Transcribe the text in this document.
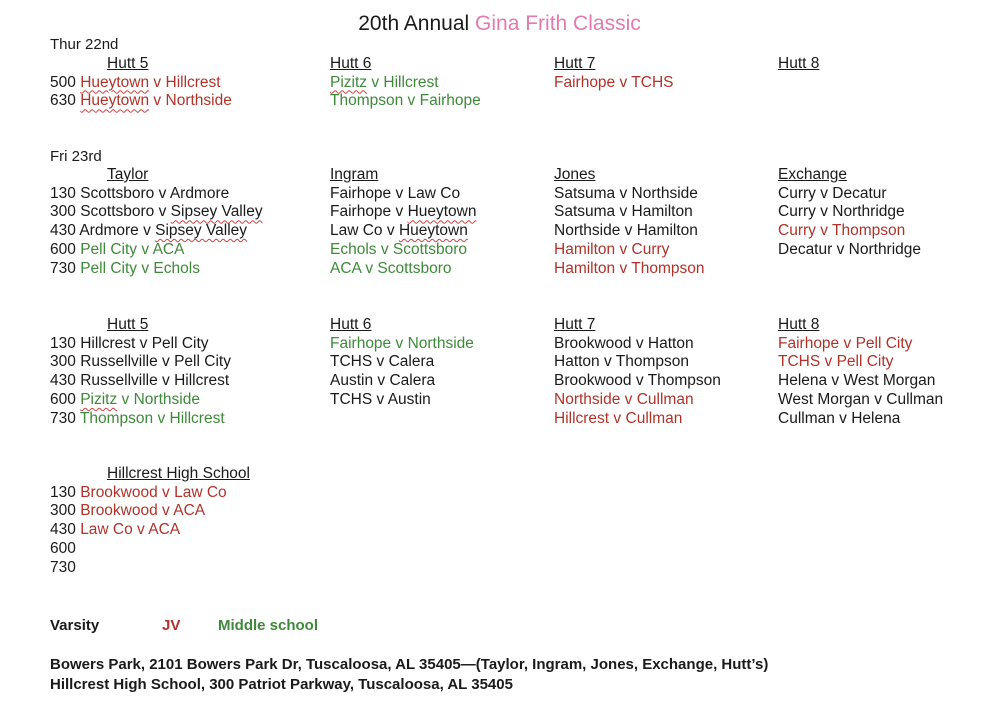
20th Annual Gina Frith Classic
Thur 22nd
Fri 23rd
Hutt 5
500 Hueytown v Hillcrest
630 Hueytown v Northside
Hutt 6
Pizitz v Hillcrest
Thompson v Fairhope
Hutt 7
Fairhope v TCHS
Hutt 8
Taylor
130 Scottsboro v Ardmore
300 Scottsboro v Sipsey Valley
430 Ardmore v Sipsey Valley
600 Pell City v ACA
730 Pell City v Echols
Ingram
Fairhope v Law Co
Fairhope v Hueytown
Law Co v Hueytown
Echols v Scottsboro
ACA v Scottsboro
Jones
Satsuma v Northside
Satsuma v Hamilton
Northside v Hamilton
Hamilton v Curry
Hamilton v Thompson
Exchange
Curry v Decatur
Curry v Northridge
Curry v Thompson
Decatur v Northridge
Hutt 5
130 Hillcrest v Pell City
300 Russellville v Pell City
430 Russellville v Hillcrest
600 Pizitz v Northside
730 Thompson v Hillcrest
Hutt 6
Fairhope v Northside
TCHS v Calera
Austin v Calera
TCHS v Austin
Hutt 7
Brookwood v Hatton
Hatton v Thompson
Brookwood v Thompson
Northside v Cullman
Hillcrest v Cullman
Hutt 8
Fairhope v Pell City
TCHS v Pell City
Helena v West Morgan
West Morgan v Cullman
Cullman v Helena
Hillcrest High School
130 Brookwood v Law Co
300 Brookwood v ACA
430 Law Co v ACA
600
730
Varsity	JV	Middle school
Bowers Park, 2101 Bowers Park Dr, Tuscaloosa, AL 35405—(Taylor, Ingram, Jones, Exchange, Hutt’s)
Hillcrest High School, 300 Patriot Parkway, Tuscaloosa, AL 35405
